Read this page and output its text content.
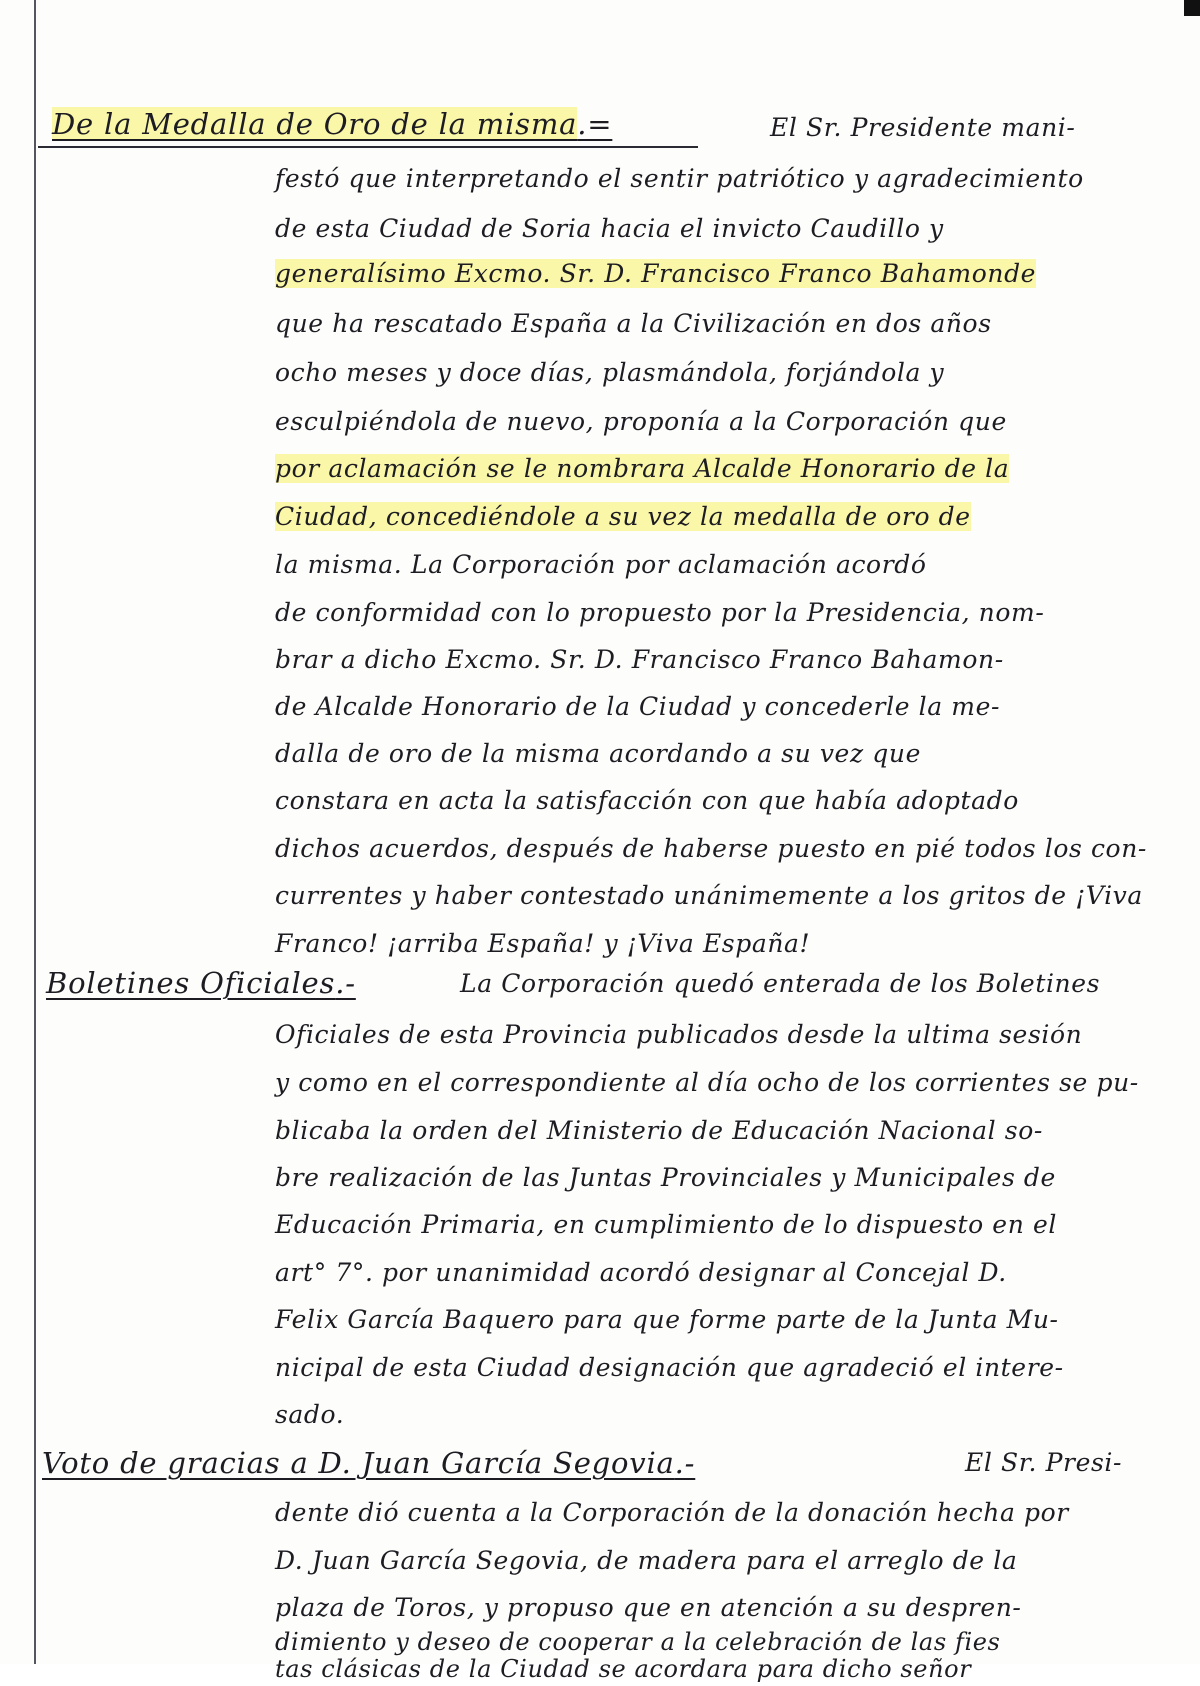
De la Medalla de Oro de la misma.=	El Sr. Presidente mani-
festó que interpretando el sentir patriótico y agradecimiento
de esta Ciudad de Soria hacia el invicto Caudillo y
generalísimo Excmo. Sr. D. Francisco Franco Bahamonde
que ha rescatado España a la Civilización en dos años
ocho meses y doce días, plasmándola, forjándola y
esculpiéndola de nuevo, proponía a la Corporación que
por aclamación se le nombrara Alcalde Honorario de la
Ciudad, concediéndole a su vez la medalla de oro de
la misma. La Corporación por aclamación acordó
de conformidad con lo propuesto por la Presidencia, nom-
brar a dicho Excmo. Sr. D. Francisco Franco Bahamon-
de Alcalde Honorario de la Ciudad y concederle la me-
dalla de oro de la misma acordando a su vez que
constara en acta la satisfacción con que había adoptado
dichos acuerdos, después de haberse puesto en pié todos los con-
currentes y haber contestado unánimemente a los gritos de ¡Viva
Franco! ¡arriba España! y ¡Viva España!
Boletines Oficiales.-	La Corporación quedó enterada de los Boletines
Oficiales de esta Provincia publicados desde la ultima sesión
y como en el correspondiente al día ocho de los corrientes se pu-
blicaba la orden del Ministerio de Educación Nacional so-
bre realización de las Juntas Provinciales y Municipales de
Educación Primaria, en cumplimiento de lo dispuesto en el
art° 7°. por unanimidad acordó designar al Concejal D.
Felix García Baquero para que forme parte de la Junta Mu-
nicipal de esta Ciudad designación que agradeció el intere-
sado.
Voto de gracias a D. Juan García Segovia.-	El Sr. Presi-
dente dió cuenta a la Corporación de la donación hecha por
D. Juan García Segovia, de madera para el arreglo de la
plaza de Toros, y propuso que en atención a su despren-
dimiento y deseo de cooperar a la celebración de las fies
tas clásicas de la Ciudad se acordara para dicho señor
